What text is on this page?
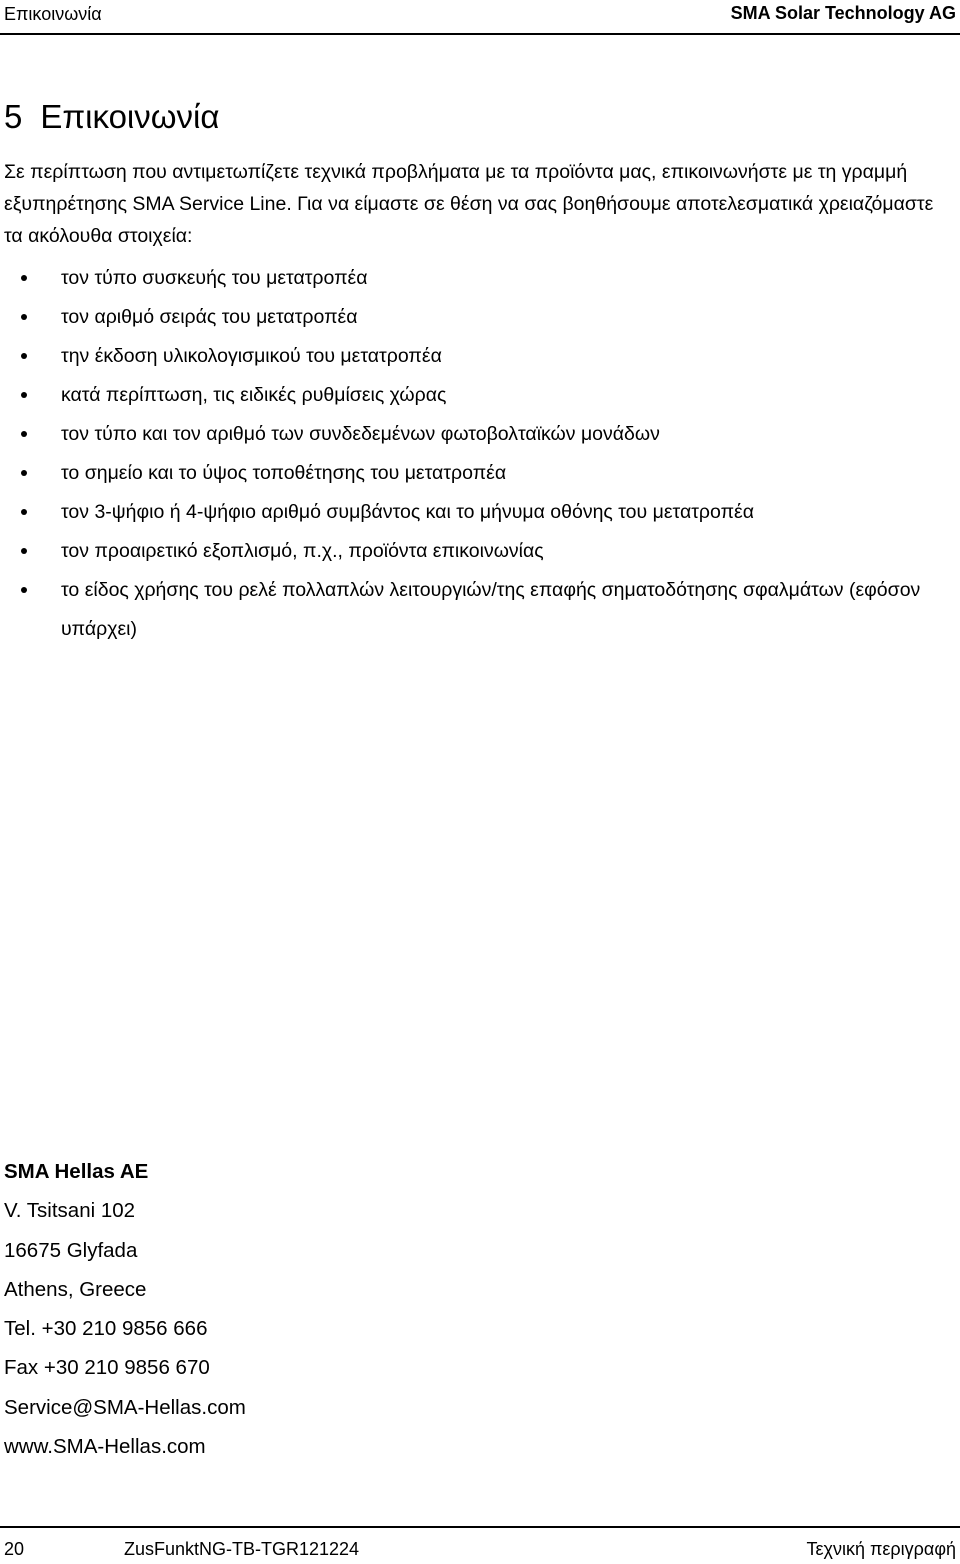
Επικοινωνία	SMA Solar Technology AG
5 Επικοινωνία

Σε περίπτωση που αντιμετωπίζετε τεχνικά προβλήματα με τα προϊόντα μας, επικοινωνήστε με τη γραμμή εξυπηρέτησης SMA Service Line. Για να είμαστε σε θέση να σας βοηθήσουμε αποτελεσματικά χρειαζόμαστε τα ακόλουθα στοιχεία:

τον τύπο συσκευής του μετατροπέα
τον αριθμό σειράς του μετατροπέα
την έκδοση υλικολογισμικού του μετατροπέα
κατά περίπτωση, τις ειδικές ρυθμίσεις χώρας
τον τύπο και τον αριθμό των συνδεδεμένων φωτοβολταϊκών μονάδων
το σημείο και το ύψος τοποθέτησης του μετατροπέα
τον 3-ψήφιο ή 4-ψήφιο αριθμό συμβάντος και το μήνυμα οθόνης του μετατροπέα
τον προαιρετικό εξοπλισμό, π.χ., προϊόντα επικοινωνίας
το είδος χρήσης του ρελέ πολλαπλών λειτουργιών/της επαφής σηματοδότησης σφαλμάτων (εφόσον υπάρχει)
SMA Hellas AE
V. Tsitsani 102
16675 Glyfada
Athens, Greece
Tel. +30 210 9856 666
Fax +30 210 9856 670
Service@SMA-Hellas.com
www.SMA-Hellas.com
20	ZusFunktNG-TB-TGR121224	Τεχνική περιγραφή
